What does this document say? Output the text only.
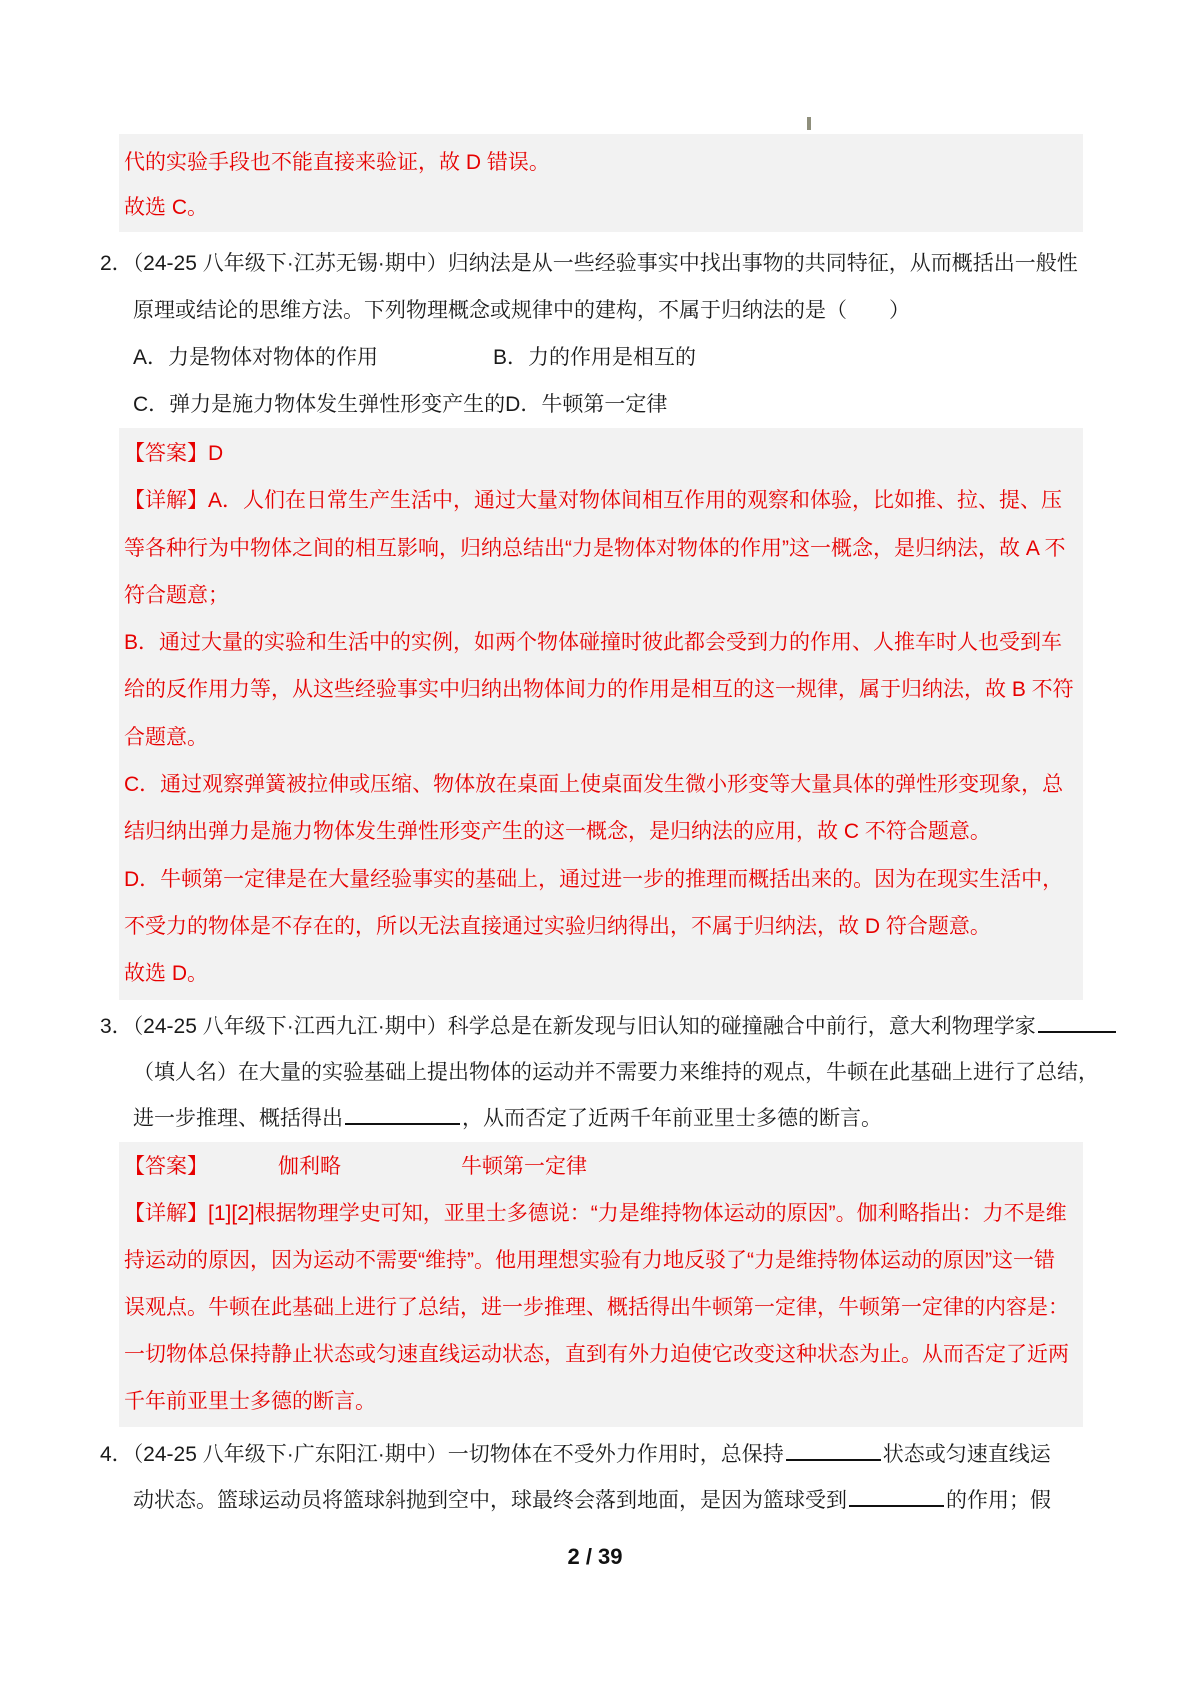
代的实验手段也不能直接来验证，故 D 错误。
故选 C。
2．（24-25 八年级下·江苏无锡·期中）归纳法是从一些经验事实中找出事物的共同特征，从而概括出一般性
原理或结论的思维方法。下列物理概念或规律中的建构，不属于归纳法的是（　　）
A．力是物体对物体的作用	B．力的作用是相互的
C．弹力是施力物体发生弹性形变产生的D．牛顿第一定律
【答案】D
【详解】A．人们在日常生产生活中，通过大量对物体间相互作用的观察和体验，比如推、拉、提、压
等各种行为中物体之间的相互影响，归纳总结出“力是物体对物体的作用”这一概念，是归纳法，故 A 不
符合题意；
B．通过大量的实验和生活中的实例，如两个物体碰撞时彼此都会受到力的作用、人推车时人也受到车
给的反作用力等，从这些经验事实中归纳出物体间力的作用是相互的这一规律，属于归纳法，故 B 不符
合题意。
C．通过观察弹簧被拉伸或压缩、物体放在桌面上使桌面发生微小形变等大量具体的弹性形变现象，总
结归纳出弹力是施力物体发生弹性形变产生的这一概念，是归纳法的应用，故 C 不符合题意。
D．牛顿第一定律是在大量经验事实的基础上，通过进一步的推理而概括出来的。因为在现实生活中，
不受力的物体是不存在的，所以无法直接通过实验归纳得出，不属于归纳法，故 D 符合题意。
故选 D。
3．（24-25 八年级下·江西九江·期中）科学总是在新发现与旧认知的碰撞融合中前行，意大利物理学家
（填人名）在大量的实验基础上提出物体的运动并不需要力来维持的观点，牛顿在此基础上进行了总结，
进一步推理、概括得出	，从而否定了近两千年前亚里士多德的断言。
【答案】	伽利略	牛顿第一定律
【详解】[1][2]根据物理学史可知，亚里士多德说：“力是维持物体运动的原因”。伽利略指出：力不是维
持运动的原因，因为运动不需要“维持”。他用理想实验有力地反驳了“力是维持物体运动的原因”这一错
误观点。牛顿在此基础上进行了总结，进一步推理、概括得出牛顿第一定律，牛顿第一定律的内容是：
一切物体总保持静止状态或匀速直线运动状态，直到有外力迫使它改变这种状态为止。从而否定了近两
千年前亚里士多德的断言。
4．（24-25 八年级下·广东阳江·期中）一切物体在不受外力作用时，总保持	状态或匀速直线运
动状态。篮球运动员将篮球斜抛到空中，球最终会落到地面，是因为篮球受到	的作用；假
2 / 39
